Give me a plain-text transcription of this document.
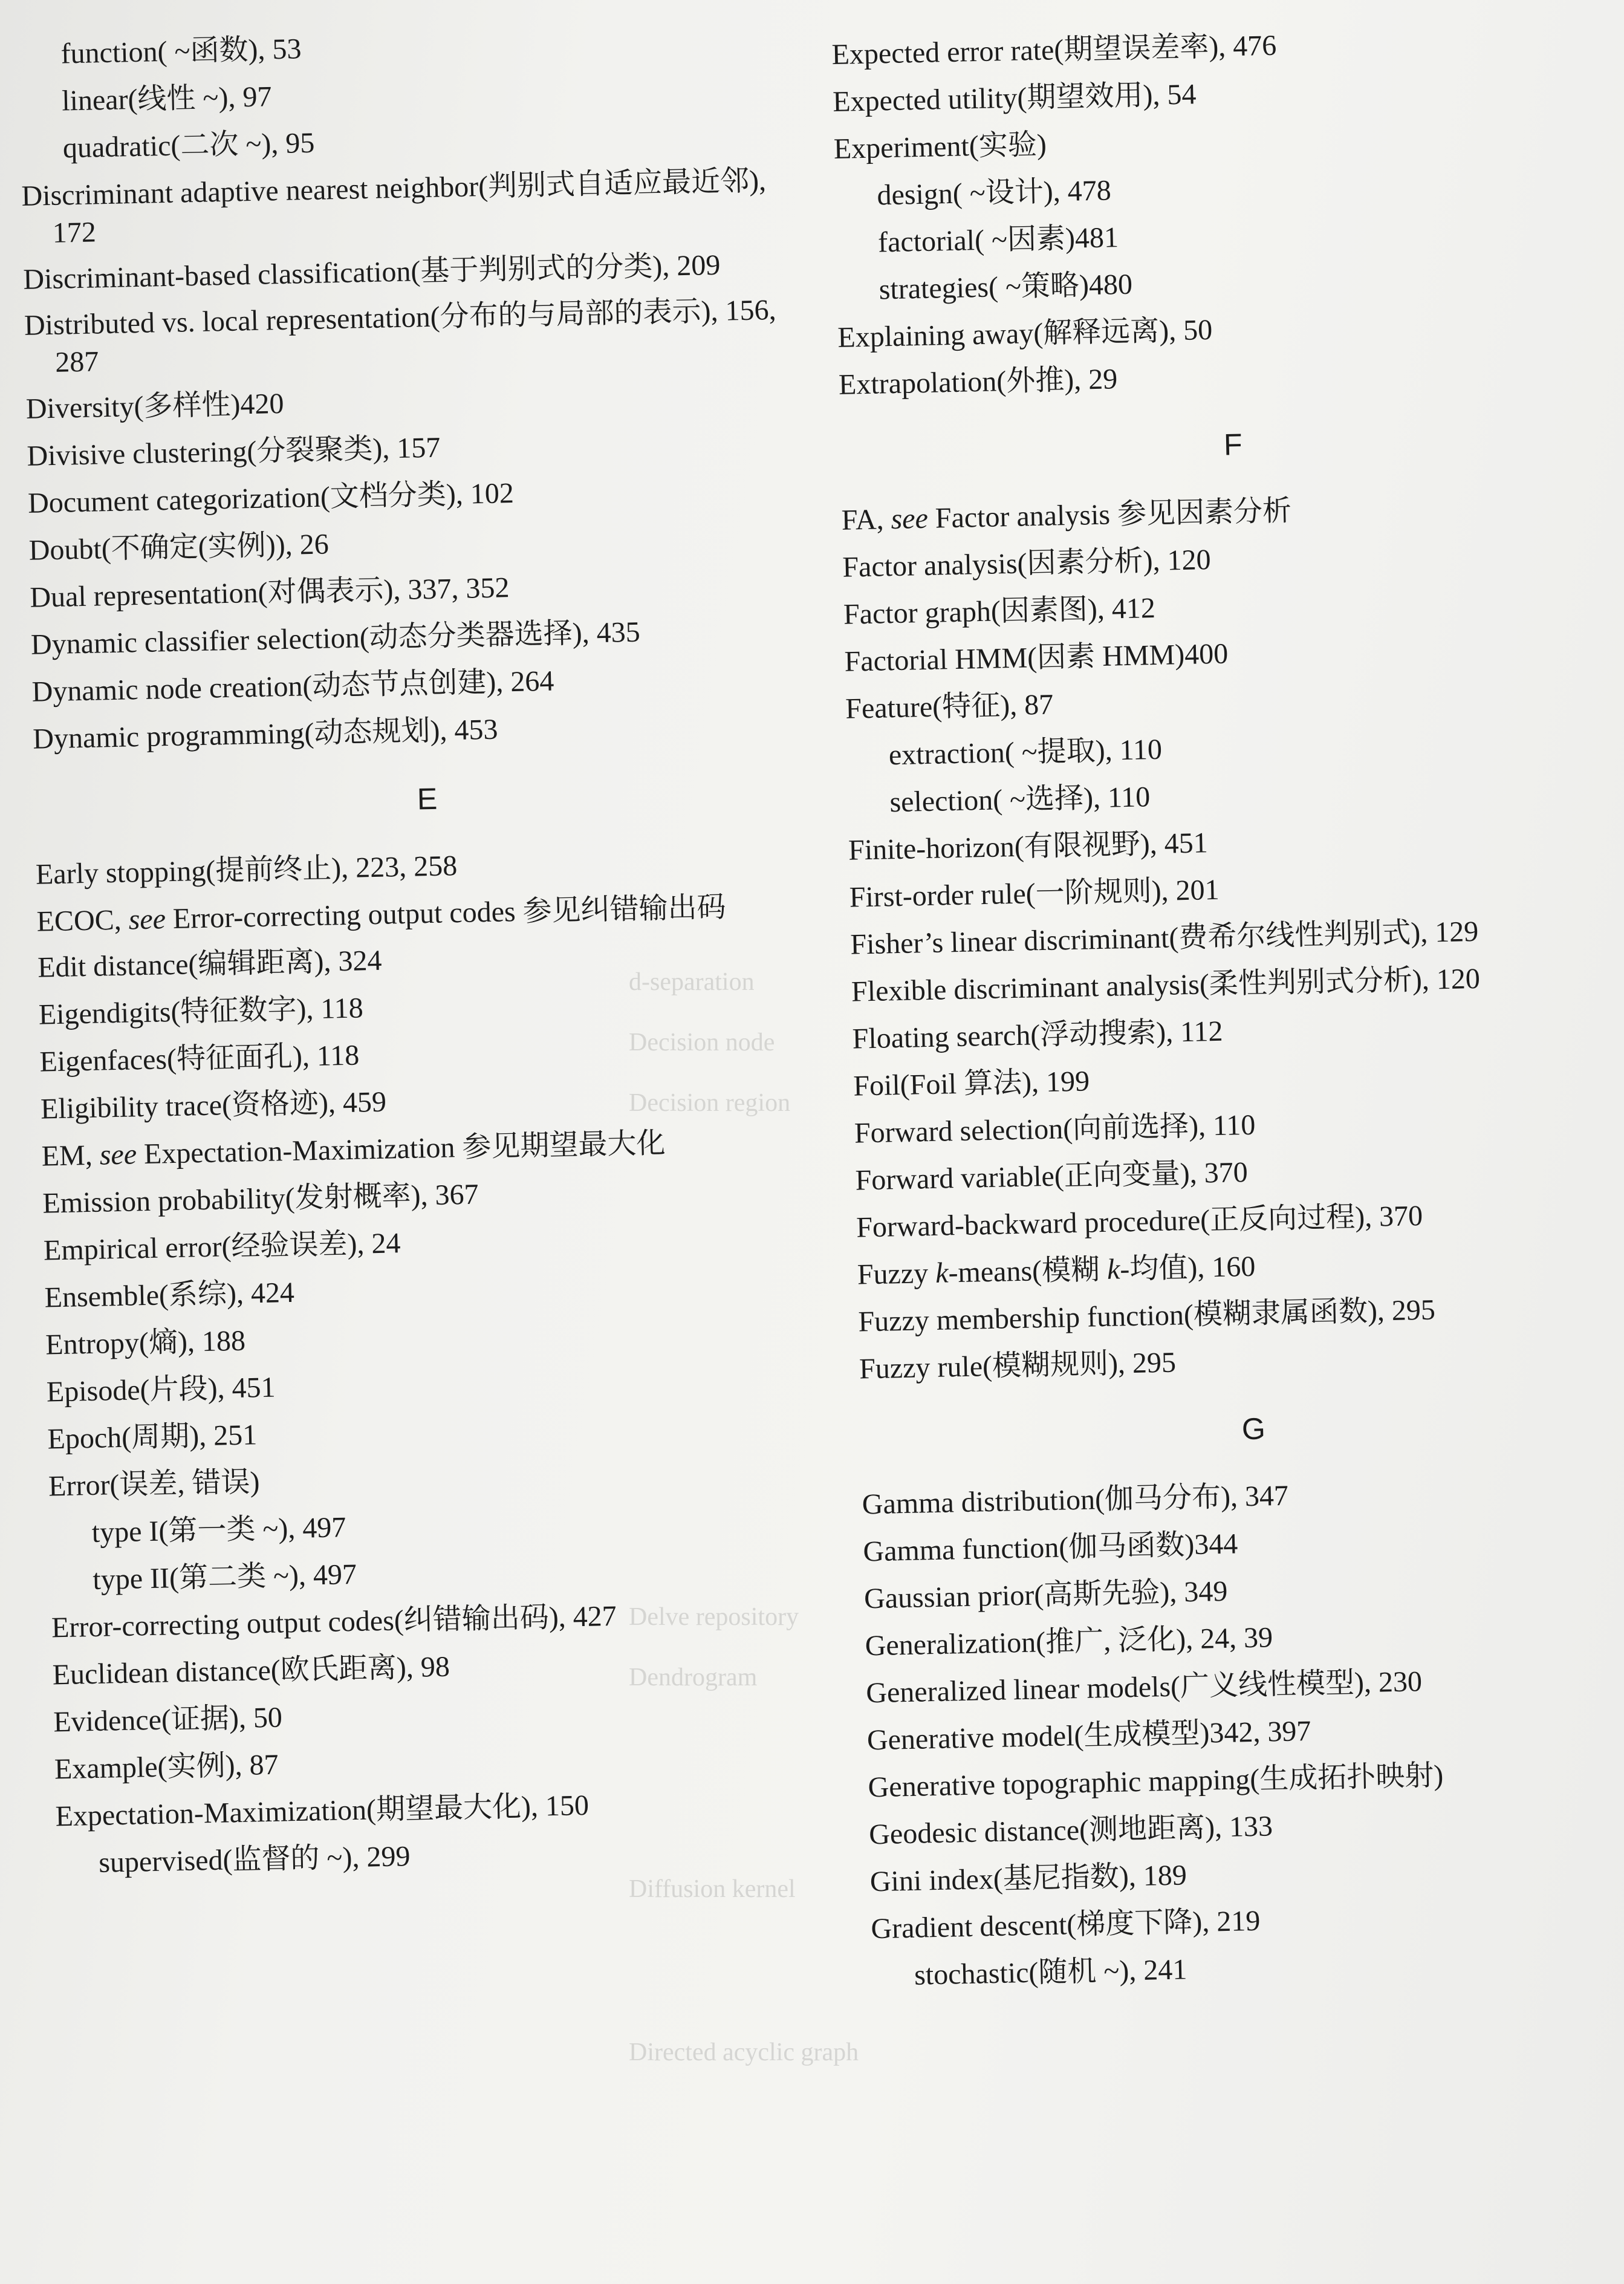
d-separation
Decision node
Decision region
Delve repository
Dendrogram
Diffusion kernel
Directed acyclic graph
function( ~函数), 53
linear(线性 ~), 97
quadratic(二次 ~), 95
Discriminant adaptive nearest neighbor(判别式自适应最近邻), 172
Discriminant-based classification(基于判别式的分类), 209
Distributed vs. local representation(分布的与局部的表示), 156, 287
Diversity(多样性)420
Divisive clustering(分裂聚类), 157
Document categorization(文档分类), 102
Doubt(不确定(实例)), 26
Dual representation(对偶表示), 337, 352
Dynamic classifier selection(动态分类器选择), 435
Dynamic node creation(动态节点创建), 264
Dynamic programming(动态规划), 453
E
Early stopping(提前终止), 223, 258
ECOC, see Error-correcting output codes 参见纠错输出码
Edit distance(编辑距离), 324
Eigendigits(特征数字), 118
Eigenfaces(特征面孔), 118
Eligibility trace(资格迹), 459
EM, see Expectation-Maximization 参见期望最大化
Emission probability(发射概率), 367
Empirical error(经验误差), 24
Ensemble(系综), 424
Entropy(熵), 188
Episode(片段), 451
Epoch(周期), 251
Error(误差, 错误)
type I(第一类 ~), 497
type II(第二类 ~), 497
Error-correcting output codes(纠错输出码), 427
Euclidean distance(欧氏距离), 98
Evidence(证据), 50
Example(实例), 87
Expectation-Maximization(期望最大化), 150
supervised(监督的 ~), 299
Expected error rate(期望误差率), 476
Expected utility(期望效用), 54
Experiment(实验)
design( ~设计), 478
factorial( ~因素)481
strategies( ~策略)480
Explaining away(解释远离), 50
Extrapolation(外推), 29
F
FA, see Factor analysis 参见因素分析
Factor analysis(因素分析), 120
Factor graph(因素图), 412
Factorial HMM(因素 HMM)400
Feature(特征), 87
extraction( ~提取), 110
selection( ~选择), 110
Finite-horizon(有限视野), 451
First-order rule(一阶规则), 201
Fisher’s linear discriminant(费希尔线性判别式), 129
Flexible discriminant analysis(柔性判别式分析), 120
Floating search(浮动搜索), 112
Foil(Foil 算法), 199
Forward selection(向前选择), 110
Forward variable(正向变量), 370
Forward-backward procedure(正反向过程), 370
Fuzzy k-means(模糊 k-均值), 160
Fuzzy membership function(模糊隶属函数), 295
Fuzzy rule(模糊规则), 295
G
Gamma distribution(伽马分布), 347
Gamma function(伽马函数)344
Gaussian prior(高斯先验), 349
Generalization(推广, 泛化), 24, 39
Generalized linear models(广义线性模型), 230
Generative model(生成模型)342, 397
Generative topographic mapping(生成拓扑映射)
Geodesic distance(测地距离), 133
Gini index(基尼指数), 189
Gradient descent(梯度下降), 219
stochastic(随机 ~), 241
